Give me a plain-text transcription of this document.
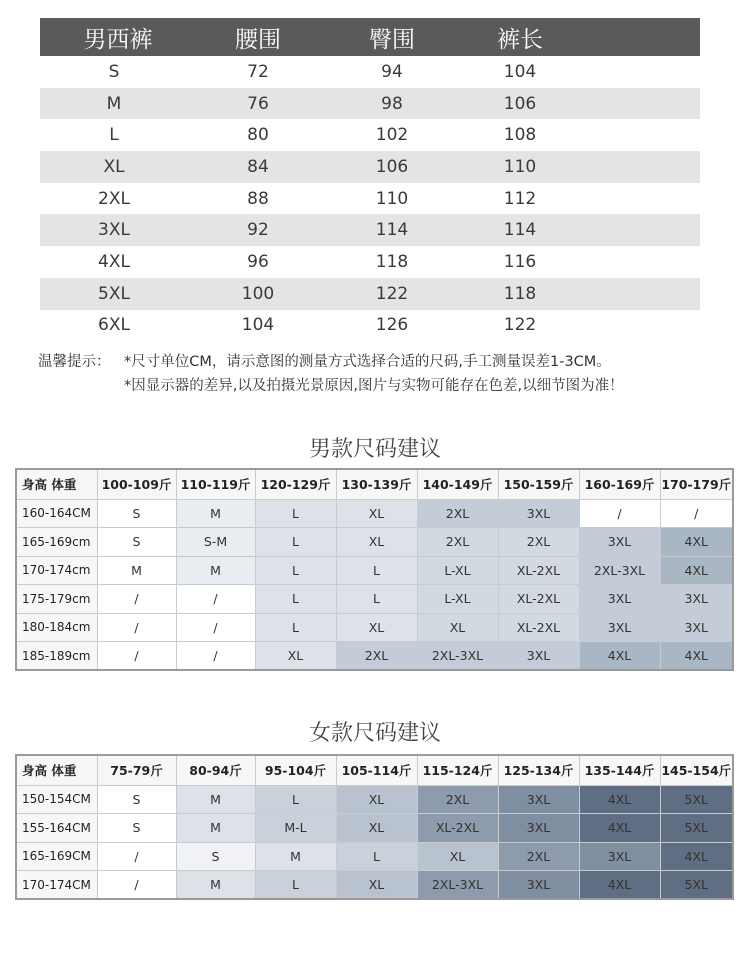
男西裤	腰围	臀围	裤长
S	72	94	104
M	76	98	106
L	80	102	108
XL	84	106	110
2XL	88	110	112
3XL	92	114	114
4XL	96	118	116
5XL	100	122	118
6XL	104	126	122
温馨提示： *尺寸单位CM，请示意图的测量方式选择合适的尺码,手工测量误差1-3CM。
*因显示器的差异,以及拍摄光景原因,图片与实物可能存在色差,以细节图为准！
男款尺码建议
身高 体重	100-109斤	110-119斤	120-129斤	130-139斤	140-149斤	150-159斤	160-169斤	170-179斤
160-164CM	S	M	L	XL	2XL	3XL	/	/
165-169cm	S	S-M	L	XL	2XL	2XL	3XL	4XL
170-174cm	M	M	L	L	L-XL	XL-2XL	2XL-3XL	4XL
175-179cm	/	/	L	L	L-XL	XL-2XL	3XL	3XL
180-184cm	/	/	L	XL	XL	XL-2XL	3XL	3XL
185-189cm	/	/	XL	2XL	2XL-3XL	3XL	4XL	4XL
女款尺码建议
身高 体重	75-79斤	80-94斤	95-104斤	105-114斤	115-124斤	125-134斤	135-144斤	145-154斤
150-154CM	S	M	L	XL	2XL	3XL	4XL	5XL
155-164CM	S	M	M-L	XL	XL-2XL	3XL	4XL	5XL
165-169CM	/	S	M	L	XL	2XL	3XL	4XL
170-174CM	/	M	L	XL	2XL-3XL	3XL	4XL	5XL
